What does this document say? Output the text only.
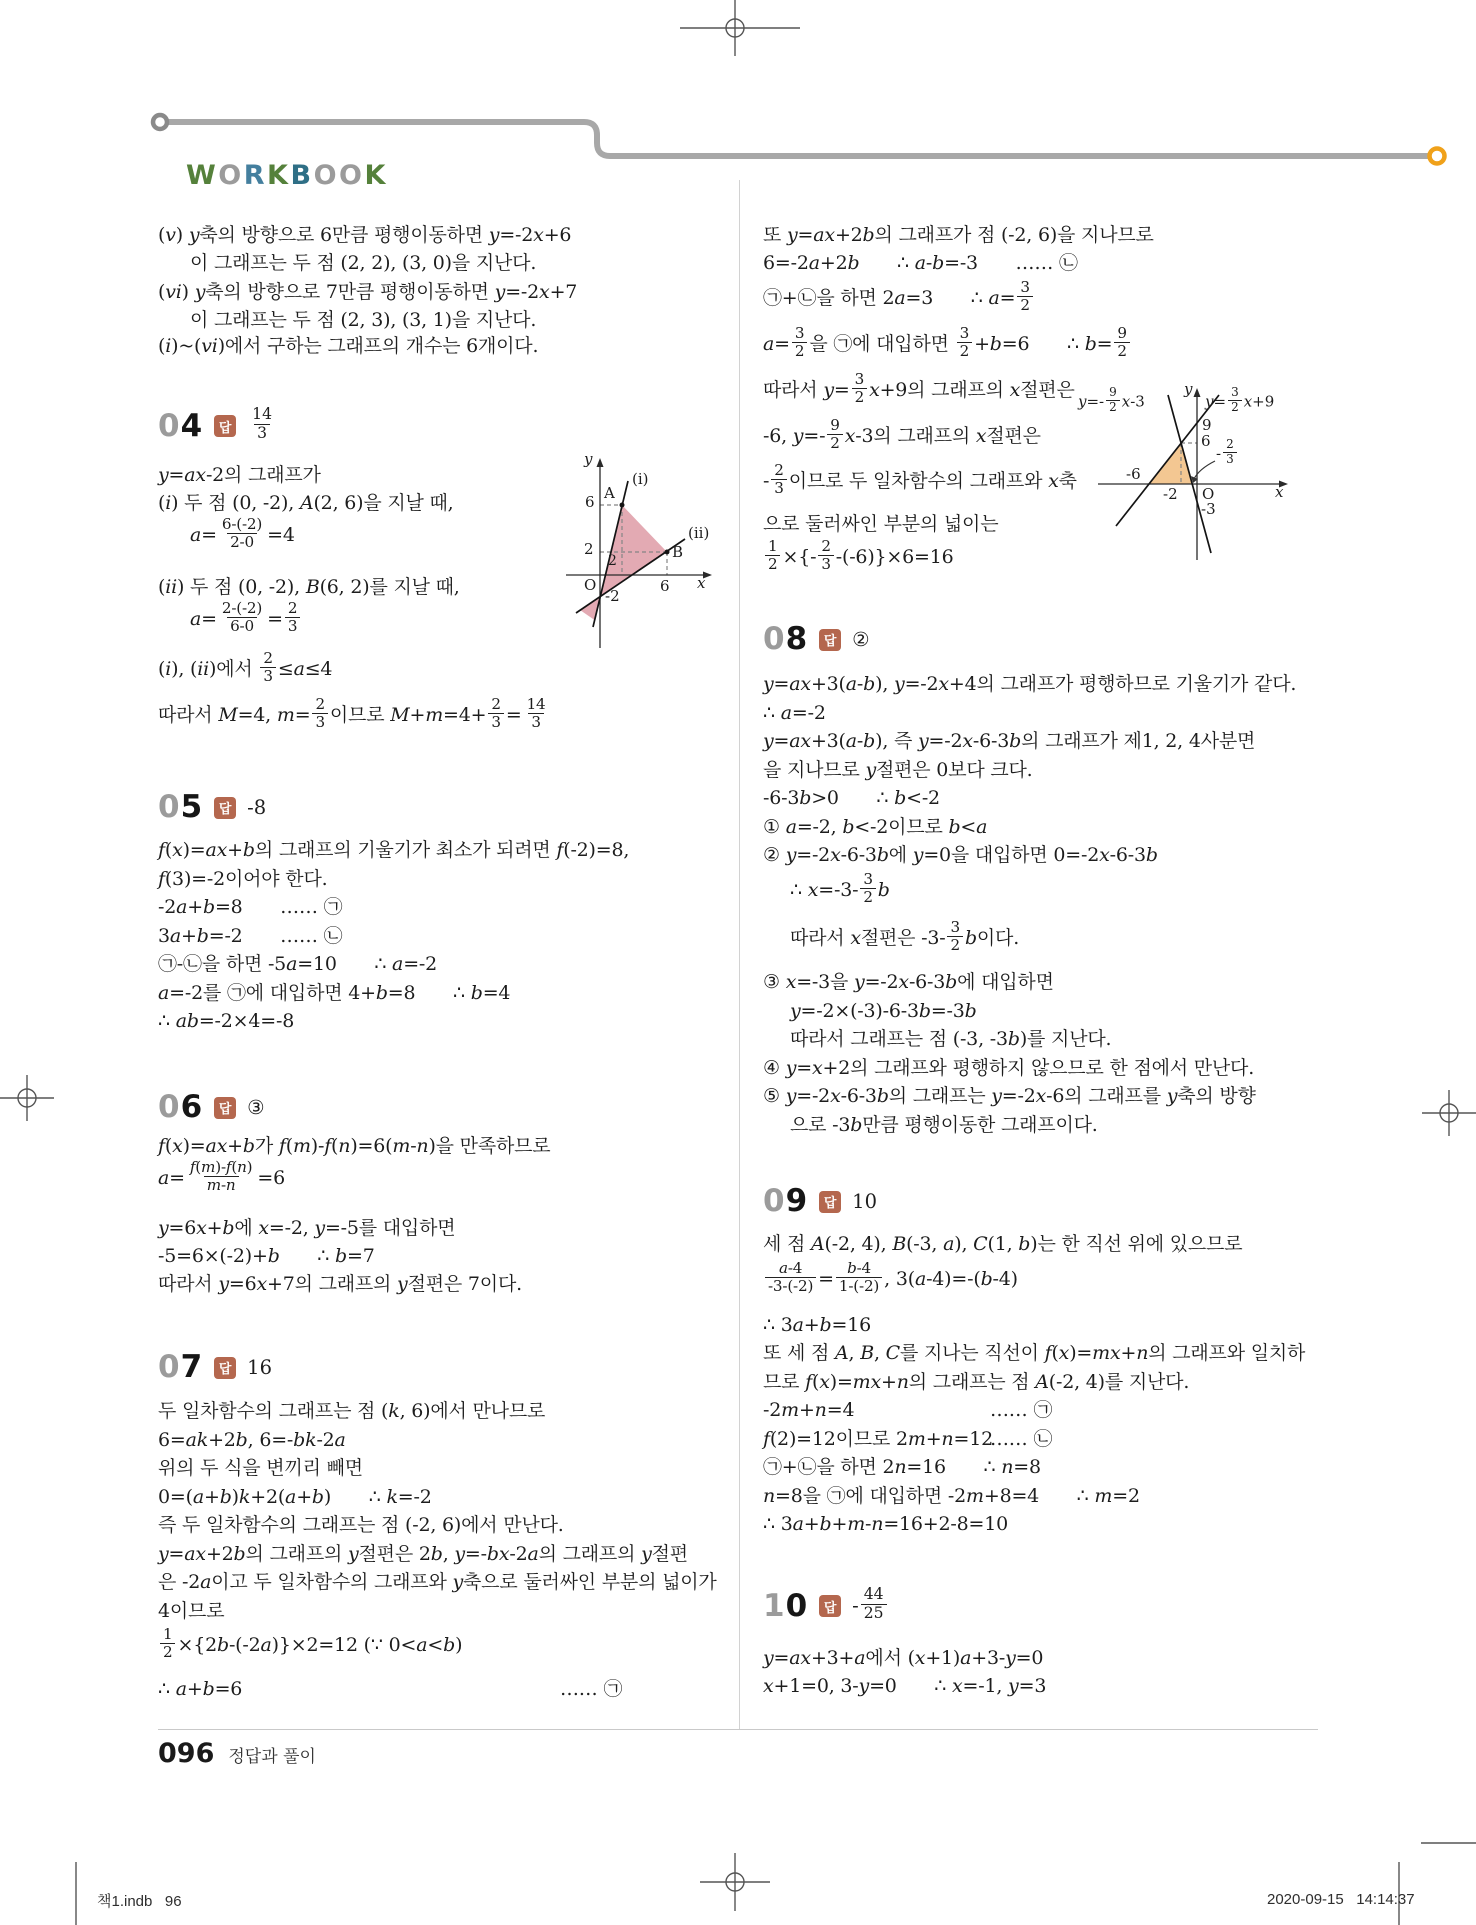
WORKBOOK
y
A
(i)
6
2	B
(ii)
2
O	6 x
-2
$y=- \frac{9}{2} x-3$
y
$y= \frac{3}{2} x+9$
9
6
-6
-2 O	x
- $\frac{2}{3}$
-3
096 정답과 풀이
책1.indb   96	2020-09-15   14:14:37
(v) y축의 방향으로 6만큼 평행이동하면 y=-2x+6
이 그래프는 두 점 (2, 2), (3, 0)을 지난다.
(vi) y축의 방향으로 7만큼 평행이동하면 y=-2x+7
이 그래프는 두 점 (2, 3), (3, 1)을 지난다.
(i)~(vi)에서 구하는 그래프의 개수는 6개이다.
y=ax-2의 그래프가
(i) 두 점 (0, -2), A(2, 6)을 지날 때,
$a= \frac{6-(-2)}{2-0} =4$
(ii) 두 점 (0, -2), B(6, 2)를 지날 때,
$a= \frac{2-(-2)}{6-0} = \frac{2}{3}$
(i), (ii)에서 $\frac{2}{3} \le a\le 4$
따라서 M=4, $m= \frac{2}{3}$ 이므로 $M+m=4+ \frac{2}{3} = \frac{14}{3}$
f(x)=ax+b의 그래프의 기울기가 최소가 되려면 f(-2)=8,
f(3)=-2이어야 한다.
-2a+b=8  …… ㉠
3a+b=-2  …… ㉡
㉠-㉡을 하면 -5a=10  ∴ a=-2
a=-2를 ㉠에 대입하면 4+b=8  ∴ b=4
∴ ab=-2×4=-8
f(x)=ax+b가 f(m)-f(n)=6(m-n)을 만족하므로
$a= \frac{f(m)-f(n)}{m-n} =6$
y=6x+b에 x=-2, y=-5를 대입하면
-5=6×(-2)+b  ∴ b=7
따라서 y=6x+7의 그래프의 y절편은 7이다.
두 일차함수의 그래프는 점 (k, 6)에서 만나므로
6=ak+2b, 6=-bk-2a
위의 두 식을 변끼리 빼면
0=(a+b)k+2(a+b)  ∴ k=-2
즉 두 일차함수의 그래프는 점 (-2, 6)에서 만난다.
y=ax+2b의 그래프의 y절편은 2b, y=-bx-2a의 그래프의 y절편
은 -2a이고 두 일차함수의 그래프와 y축으로 둘러싸인 부분의 넓이가
4이므로
$\frac{1}{2} \times\{2b-(-2a)\}\times 2=12$ (∵ 0<a<b)
∴ a+b=6	…… ㉠
또 y=ax+2b의 그래프가 점 (-2, 6)을 지나므로
6=-2a+2b  ∴ a-b=-3  …… ㉡
㉠+㉡을 하면 2a=3  ∴ $a= \frac{3}{2}$
$a= \frac{3}{2}$ 을 ㉠에 대입하면 $\frac{3}{2} +b=6$  ∴ $b= \frac{9}{2}$
따라서 $y= \frac{3}{2} x+9$의 그래프의 x절편은
-6, $y=- \frac{9}{2} x-3$의 그래프의 x절편은
- $\frac{2}{3}$ 이므로 두 일차함수의 그래프와 x축
으로 둘러싸인 부분의 넓이는
$\frac{1}{2}$ ×{- $\frac{2}{3} -(-6)\}\times 6=16$
y=ax+3(a-b), y=-2x+4의 그래프가 평행하므로 기울기가 같다.
∴ a=-2
y=ax+3(a-b), 즉 y=-2x-6-3b의 그래프가 제1, 2, 4사분면
을 지나므로 y절편은 0보다 크다.
-6-3b>0  ∴ b<-2
① a=-2, b<-2이므로 b<a
② y=-2x-6-3b에 y=0을 대입하면 0=-2x-6-3b
∴ $x=-3- \frac{3}{2}$ b
따라서 x절편은 $-3- \frac{3}{2}$ b이다.
③ x=-3을 y=-2x-6-3b에 대입하면
y=-2×(-3)-6-3b=-3b
따라서 그래프는 점 (-3, -3b)를 지난다.
④ y=x+2의 그래프와 평행하지 않으므로 한 점에서 만난다.
⑤ y=-2x-6-3b의 그래프는 y=-2x-6의 그래프를 y축의 방향
으로 -3b만큼 평행이동한 그래프이다.
세 점 A(-2, 4), B(-3, a), C(1, b)는 한 직선 위에 있으므로
$\frac{a-4}{-3-(-2)} = \frac{b-4}{1-(-2)}$ , 3(a-4)=-(b-4)
∴ 3a+b=16
또 세 점 A, B, C를 지나는 직선이 f(x)=mx+n의 그래프와 일치하
므로 f(x)=mx+n의 그래프는 점 A(-2, 4)를 지난다.
-2m+n=4	…… ㉠
f(2)=12이므로 2m+n=12
…… ㉡
㉠+㉡을 하면 2n=16  ∴ n=8
n=8을 ㉠에 대입하면 -2m+8=4  ∴ m=2
∴ 3a+b+m-n=16+2-8=10
y=ax+3+a에서 (x+1)a+3-y=0
x+1=0, 3-y=0  ∴ x=-1, y=3
04	답	$\frac{14}{3}$
05	답 -8
06	답 ③
07	답 16
08	답 ②
09	답 10
10	답 - $\frac{44}{25}$
